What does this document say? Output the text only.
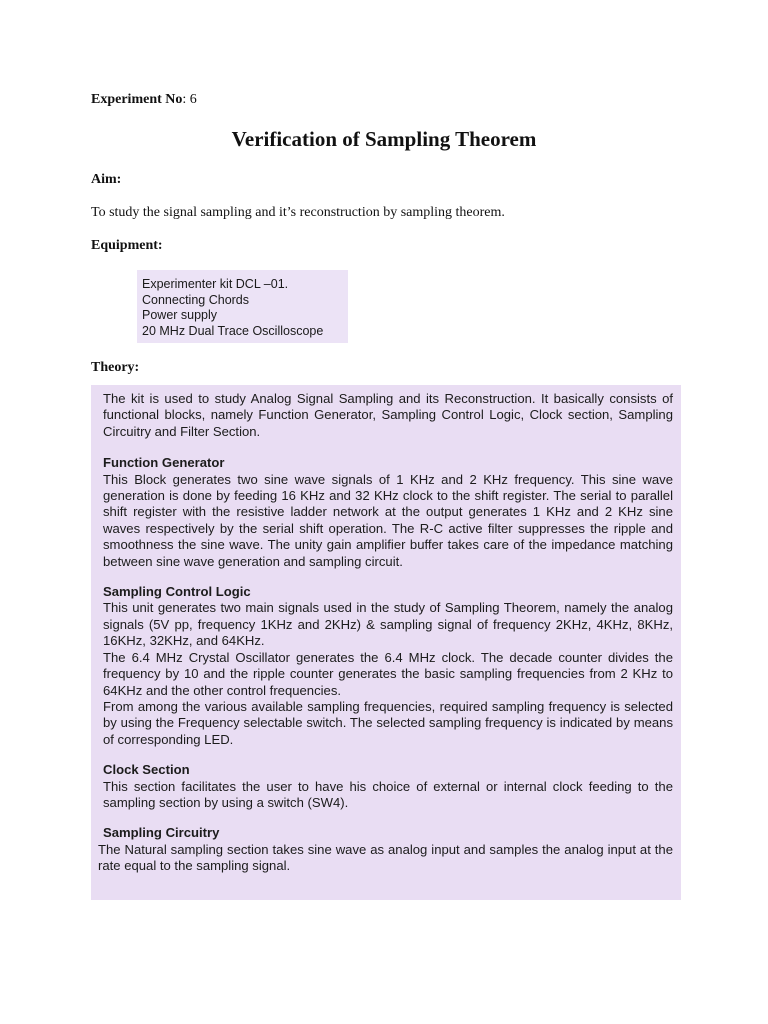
Experiment No: 6
Verification of Sampling Theorem
Aim:
To study the signal sampling and it’s reconstruction by sampling theorem.
Equipment:
Experimenter kit DCL –01.
Connecting Chords
Power supply
20 MHz Dual Trace Oscilloscope
Theory:

The kit is used to study Analog Signal Sampling and its Reconstruction. It basically consists of functional blocks, namely Function Generator, Sampling Control Logic, Clock section, Sampling Circuitry and Filter Section.

Function Generator

This Block generates two sine wave signals of 1 KHz and 2 KHz frequency. This sine wave generation is done by feeding 16 KHz and 32 KHz clock to the shift register. The serial to parallel shift register with the resistive ladder network at the output generates 1 KHz and 2 KHz sine waves respectively by the serial shift operation. The R-C active filter suppresses the ripple and smoothness the sine wave. The unity gain amplifier buffer takes care of the impedance matching between sine wave generation and sampling circuit.

Sampling Control Logic

This unit generates two main signals used in the study of Sampling Theorem, namely the analog signals (5V pp, frequency 1KHz and 2KHz) & sampling signal of frequency 2KHz, 4KHz, 8KHz, 16KHz, 32KHz, and 64KHz.

The 6.4 MHz Crystal Oscillator generates the 6.4 MHz clock. The decade counter divides the frequency by 10 and the ripple counter generates the basic sampling frequencies from 2 KHz to 64KHz and the other control frequencies.

From among the various available sampling frequencies, required sampling frequency is selected by using the Frequency selectable switch. The selected sampling frequency is indicated by means of corresponding LED.

Clock Section

This section facilitates the user to have his choice of external or internal clock feeding to the sampling section by using a switch (SW4).

Sampling Circuitry

The Natural sampling section takes sine wave as analog input and samples the analog input at the rate equal to the sampling signal.
